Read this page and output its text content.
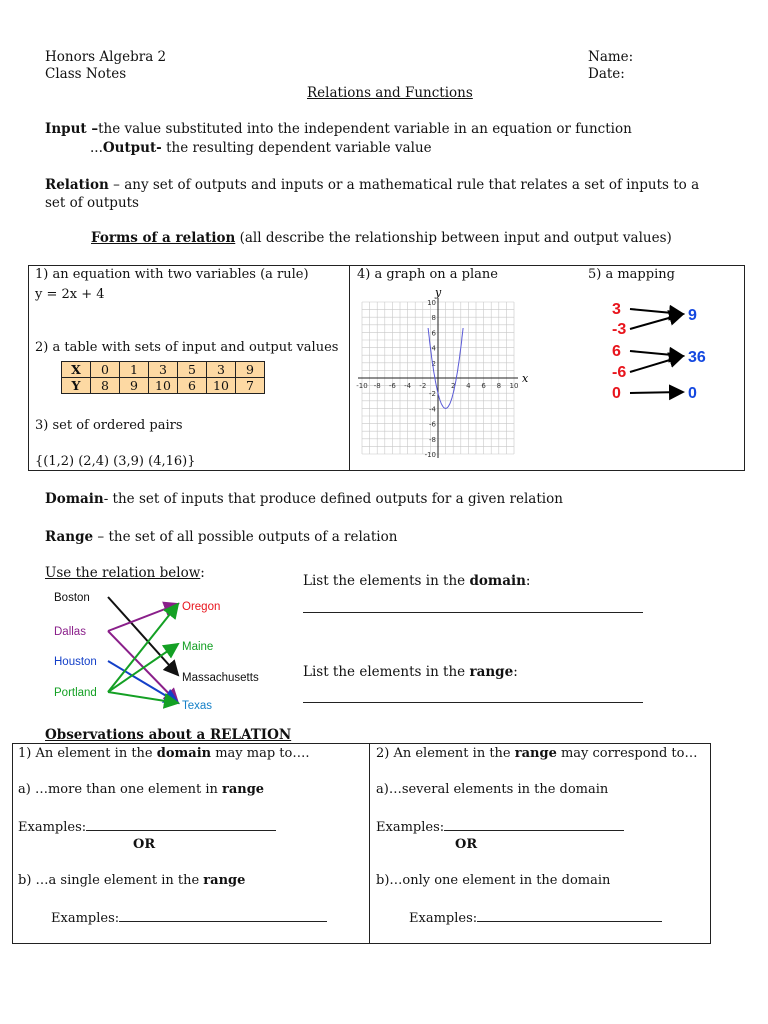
Honors Algebra 2
Class Notes
Name:
Date:
Relations and Functions
Input –the value substituted into the independent variable in an equation or function
...Output- the resulting dependent variable value
Relation – any set of outputs and inputs or a mathematical rule that relates a set of inputs to a set of outputs
Forms of a relation (all describe the relationship between input and output values)
1) an equation with two variables (a rule)
y = 2x + 4
2) a table with sets of input and output values
X	0	1	3	5	3	9
Y	8	9	10	6	10	7
3) set of ordered pairs
{(1,2) (2,4) (3,9) (4,16)}
4) a graph on a plane	5) a mapping
x
y
-10 -8 -6 -4 -2	2 4 6 8 10
10
8
6
4
2
-2
-4
-6
-8
-10
3
-3
6
-6
0
9
36
0
Domain- the set of inputs that produce defined outputs for a given relation
Range – the set of all possible outputs of a relation
Use the relation below:
Boston
Dallas
Houston
Portland
Oregon
Maine
Massachusetts
Texas
List the elements in the domain:
List the elements in the range:
Observations about a RELATION
1) An element in the domain may map to….
a) …more than one element in range
Examples:
OR
b) …a single element in the range
Examples:
2) An element in the range may correspond to…
a)…several elements in the domain
Examples:
OR
b)…only one element in the domain
Examples:
